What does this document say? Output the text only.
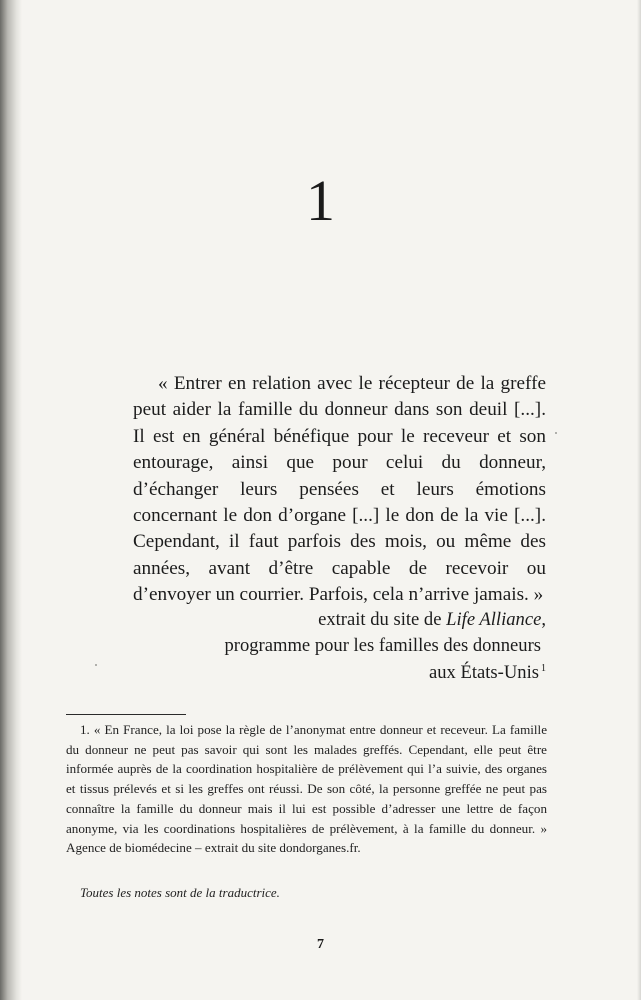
1

« Entrer en relation avec le récepteur de la greffe peut aider la famille du donneur dans son deuil [...]. Il est en général bénéfique pour le receveur et son entourage, ainsi que pour celui du donneur, d’échanger leurs pensées et leurs émotions concernant le don d’organe [...] le don de la vie [...]. Cependant, il faut parfois des mois, ou même des années, avant d’être capable de recevoir ou d’envoyer un courrier. Parfois, cela n’arrive jamais. »

extrait du site de Life Alliance,
programme pour les familles des donneurs
aux États-Unis $^1$

1. « En France, la loi pose la règle de l’anonymat entre donneur et receveur. La famille du donneur ne peut pas savoir qui sont les malades greffés. Cependant, elle peut être informée auprès de la coordination hospitalière de prélèvement qui l’a suivie, des organes et tissus prélevés et si les greffes ont réussi. De son côté, la personne greffée ne peut pas connaître la famille du donneur mais il lui est possible d’adresser une lettre de façon anonyme, via les coordinations hospitalières de prélèvement, à la famille du donneur. » Agence de biomédecine – extrait du site dondorganes.fr.

Toutes les notes sont de la traductrice.
7
